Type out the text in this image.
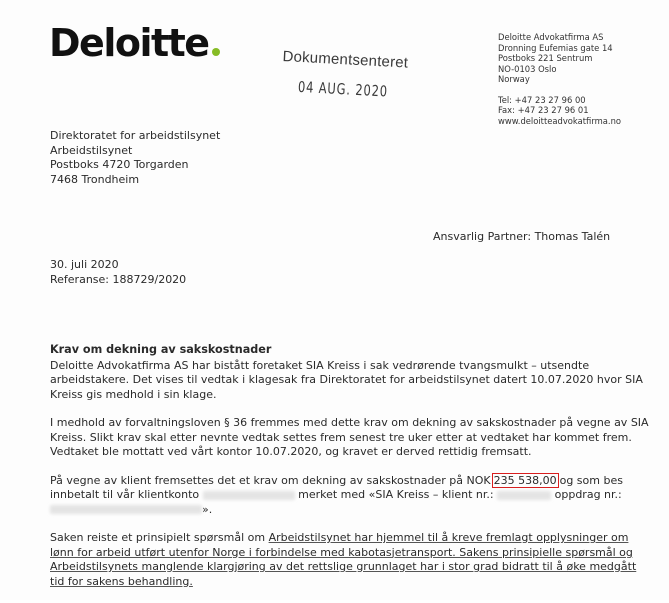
Deloitte	Dokumentsenteret
04 AUG. 2020
Deloitte Advokatfirma AS
Dronning Eufemias gate 14
Postboks 221 Sentrum
NO-0103 Oslo
Norway
Tel: +47 23 27 96 00
Fax: +47 23 27 96 01
www.deloitteadvokatfirma.no
Direktoratet for arbeidstilsynet
Arbeidstilsynet
Postboks 4720 Torgarden
7468 Trondheim
Ansvarlig Partner: Thomas Talén
30. juli 2020
Referanse: 188729/2020
Krav om dekning av sakskostnader

Deloitte Advokatfirma AS har bistått foretaket SIA Kreiss i sak vedrørende tvangsmulkt – utsendte arbeidstakere. Det vises til vedtak i klagesak fra Direktoratet for arbeidstilsynet datert 10.07.2020 hvor SIA Kreiss gis medhold i sin klage.

I medhold av forvaltningsloven § 36 fremmes med dette krav om dekning av sakskostnader på vegne av SIA Kreiss. Slikt krav skal etter nevnte vedtak settes frem senest tre uker etter at vedtaket har kommet frem. Vedtaket ble mottatt ved vårt kontor 10.07.2020, og kravet er derved rettidig fremsatt.

På vegne av klient fremsettes det et krav om dekning av sakskostnader på NOK 235 538,00 og som bes innbetalt til vår klientkonto	merket med «SIA Kreiss – klient nr.:	oppdrag nr.: ».

Saken reiste et prinsipielt spørsmål om Arbeidstilsynet har hjemmel til å kreve fremlagt opplysninger om lønn for arbeid utført utenfor Norge i forbindelse med kabotasjetransport. Sakens prinsipielle spørsmål og Arbeidstilsynets manglende klargjøring av det rettslige grunnlaget har i stor grad bidratt til å øke medgått tid for sakens behandling.
